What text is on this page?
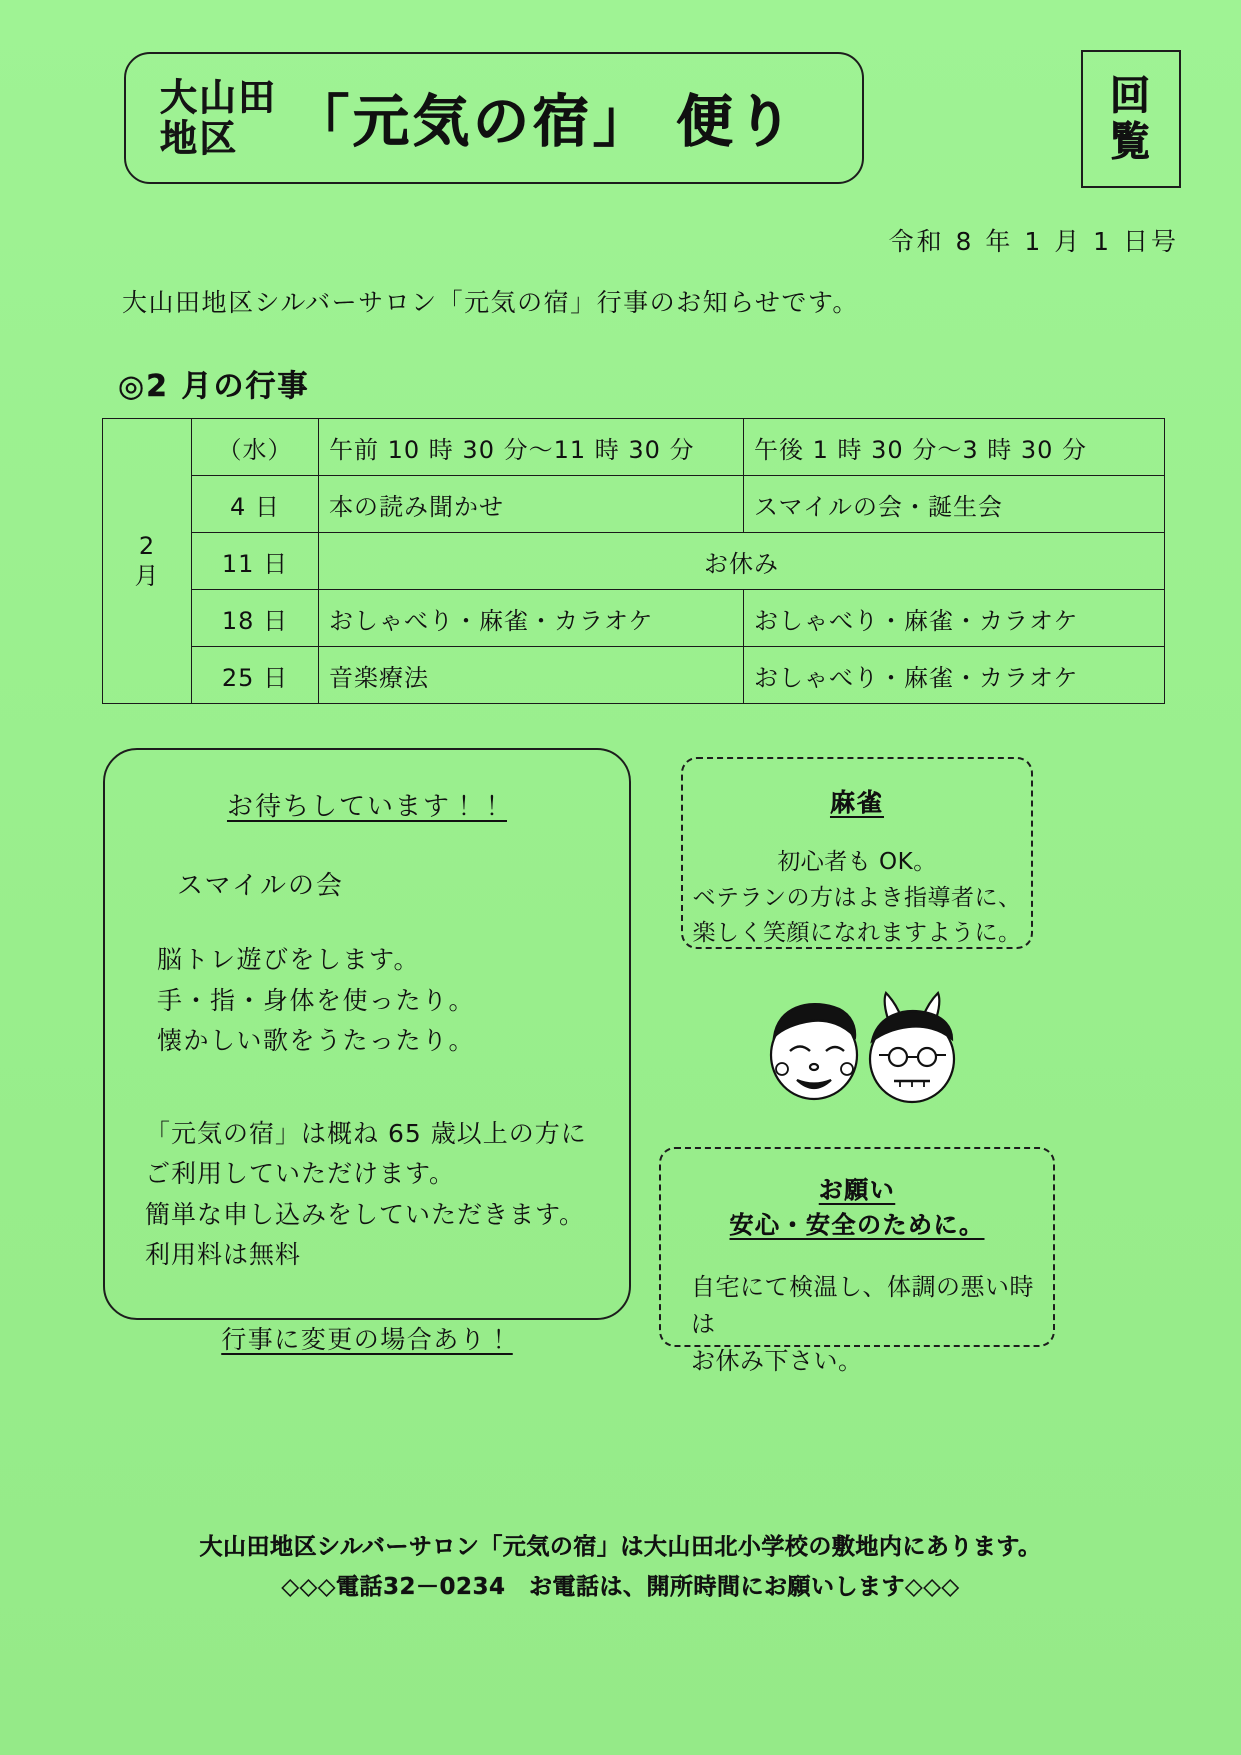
大山田
地区 「元気の宿」 便り	回
覧
令和 8 年 1 月 1 日号
大山田地区シルバーサロン「元気の宿」行事のお知らせです。
◎2 月の行事
2
月	（水）	午前 10 時 30 分～11 時 30 分	午後 1 時 30 分～3 時 30 分
	4 日	本の読み聞かせ	スマイルの会・誕生会
	11 日	お休み	
	18 日	おしゃべり・麻雀・カラオケ	おしゃべり・麻雀・カラオケ
	25 日	音楽療法	おしゃべり・麻雀・カラオケ
お待ちしています！！
スマイルの会
脳トレ遊びをします。
手・指・身体を使ったり。
懐かしい歌をうたったり。
「元気の宿」は概ね 65 歳以上の方に
ご利用していただけます。
簡単な申し込みをしていただきます。
利用料は無料
行事に変更の場合あり！
麻雀
初心者も OK。
ベテランの方はよき指導者に、
楽しく笑顔になれますように。
お願い
安心・安全のために。
自宅にて検温し、体調の悪い時は
お休み下さい。
大山田地区シルバーサロン「元気の宿」は大山田北小学校の敷地内にあります。
◇◇◇電話32－0234　お電話は、開所時間にお願いします◇◇◇
